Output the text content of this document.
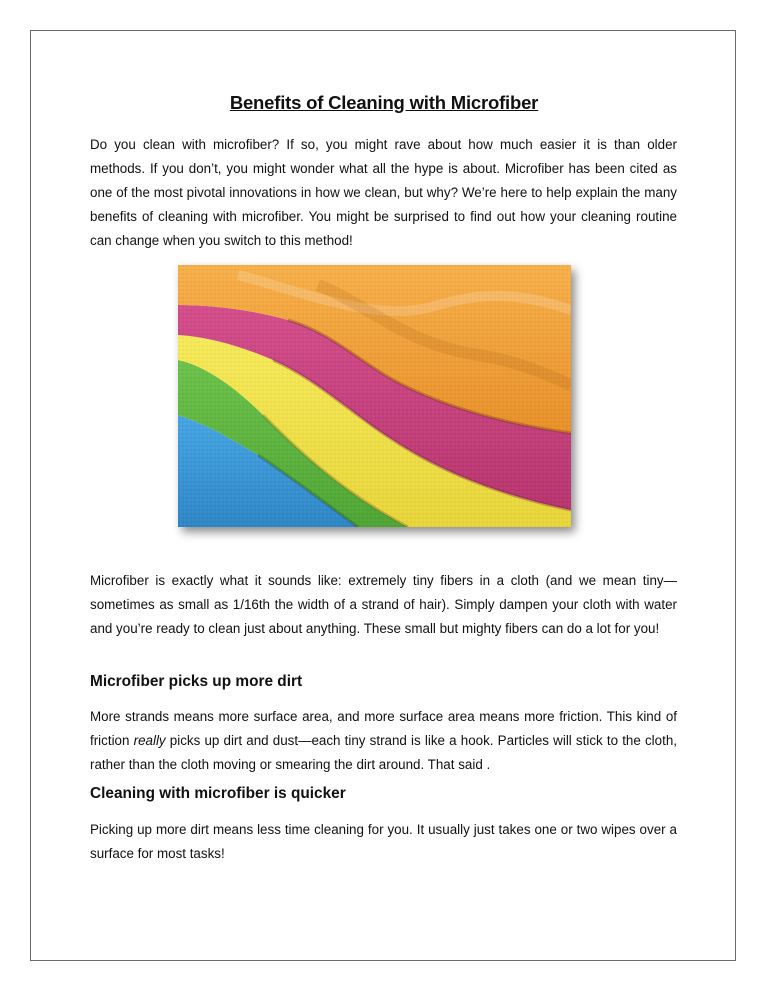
Benefits of Cleaning with Microfiber

Do you clean with microfiber? If so, you might rave about how much easier it is than older methods. If you don’t, you might wonder what all the hype is about. Microfiber has been cited as one of the most pivotal innovations in how we clean, but why? We’re here to help explain the many benefits of cleaning with microfiber. You might be surprised to find out how your cleaning routine can change when you switch to this method!

Microfiber is exactly what it sounds like: extremely tiny fibers in a cloth (and we mean tiny—sometimes as small as 1/16th the width of a strand of hair). Simply dampen your cloth with water and you’re ready to clean just about anything. These small but mighty fibers can do a lot for you!

Microfiber picks up more dirt

More strands means more surface area, and more surface area means more friction. This kind of friction really picks up dirt and dust—each tiny strand is like a hook. Particles will stick to the cloth, rather than the cloth moving or smearing the dirt around. That said .

Cleaning with microfiber is quicker

Picking up more dirt means less time cleaning for you. It usually just takes one or two wipes over a surface for most tasks!
